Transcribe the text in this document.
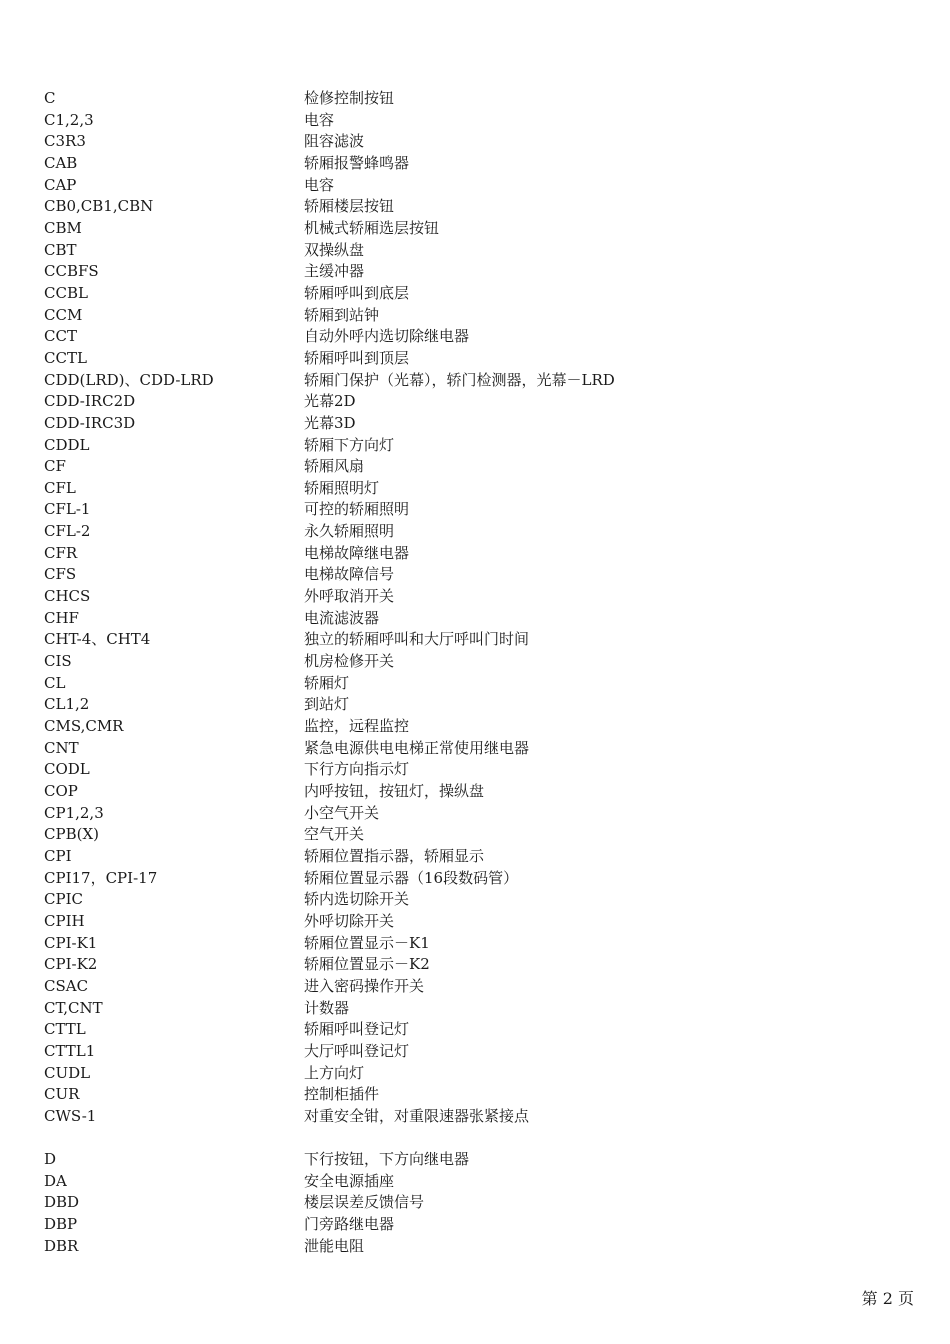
C	检修控制按钮
C1,2,3	电容
C3R3	阻容滤波
CAB	轿厢报警蜂鸣器
CAP	电容
CB0,CB1,CBN	轿厢楼层按钮
CBM	机械式轿厢选层按钮
CBT	双操纵盘
CCBFS	主缓冲器
CCBL	轿厢呼叫到底层
CCM	轿厢到站钟
CCT	自动外呼内选切除继电器
CCTL	轿厢呼叫到顶层
CDD(LRD)、CDD-LRD	轿厢门保护（光幕），轿门检测器，光幕－LRD
CDD-IRC2D	光幕2D
CDD-IRC3D	光幕3D
CDDL	轿厢下方向灯
CF	轿厢风扇
CFL	轿厢照明灯
CFL-1	可控的轿厢照明
CFL-2	永久轿厢照明
CFR	电梯故障继电器
CFS	电梯故障信号
CHCS	外呼取消开关
CHF	电流滤波器
CHT-4、CHT4	独立的轿厢呼叫和大厅呼叫门时间
CIS	机房检修开关
CL	轿厢灯
CL1,2	到站灯
CMS,CMR	监控，远程监控
CNT	紧急电源供电电梯正常使用继电器
CODL	下行方向指示灯
COP	内呼按钮，按钮灯，操纵盘
CP1,2,3	小空气开关
CPB(X)	空气开关
CPI	轿厢位置指示器，轿厢显示
CPI17，CPI-17	轿厢位置显示器（16段数码管）
CPIC	轿内选切除开关
CPIH	外呼切除开关
CPI-K1	轿厢位置显示－K1
CPI-K2	轿厢位置显示－K2
CSAC	进入密码操作开关
CT,CNT	计数器
CTTL	轿厢呼叫登记灯
CTTL1	大厅呼叫登记灯
CUDL	上方向灯
CUR	控制柜插件
CWS-1	对重安全钳，对重限速器张紧接点
D	下行按钮，下方向继电器
DA	安全电源插座
DBD	楼层误差反馈信号
DBP	门旁路继电器
DBR	泄能电阻
第 2 页
